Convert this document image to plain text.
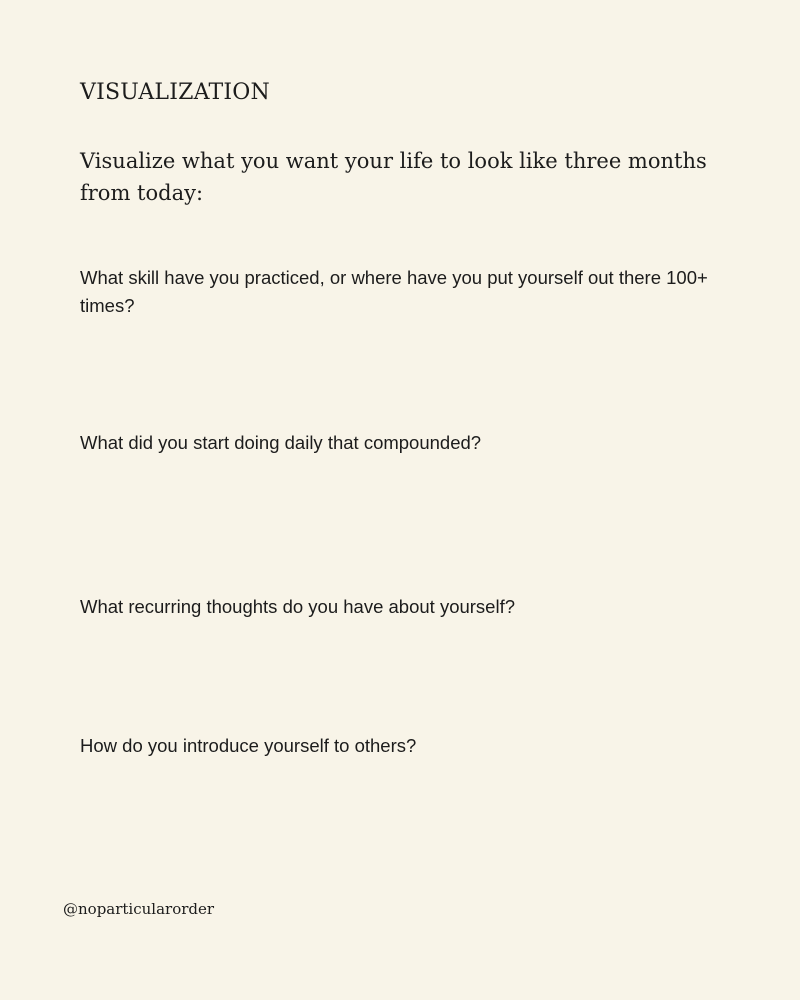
VISUALIZATION

Visualize what you want your life to look like three months from today:

What skill have you practiced, or where have you put yourself out there 100+ times?

What did you start doing daily that compounded?

What recurring thoughts do you have about yourself?

How do you introduce yourself to others?

@noparticularorder
